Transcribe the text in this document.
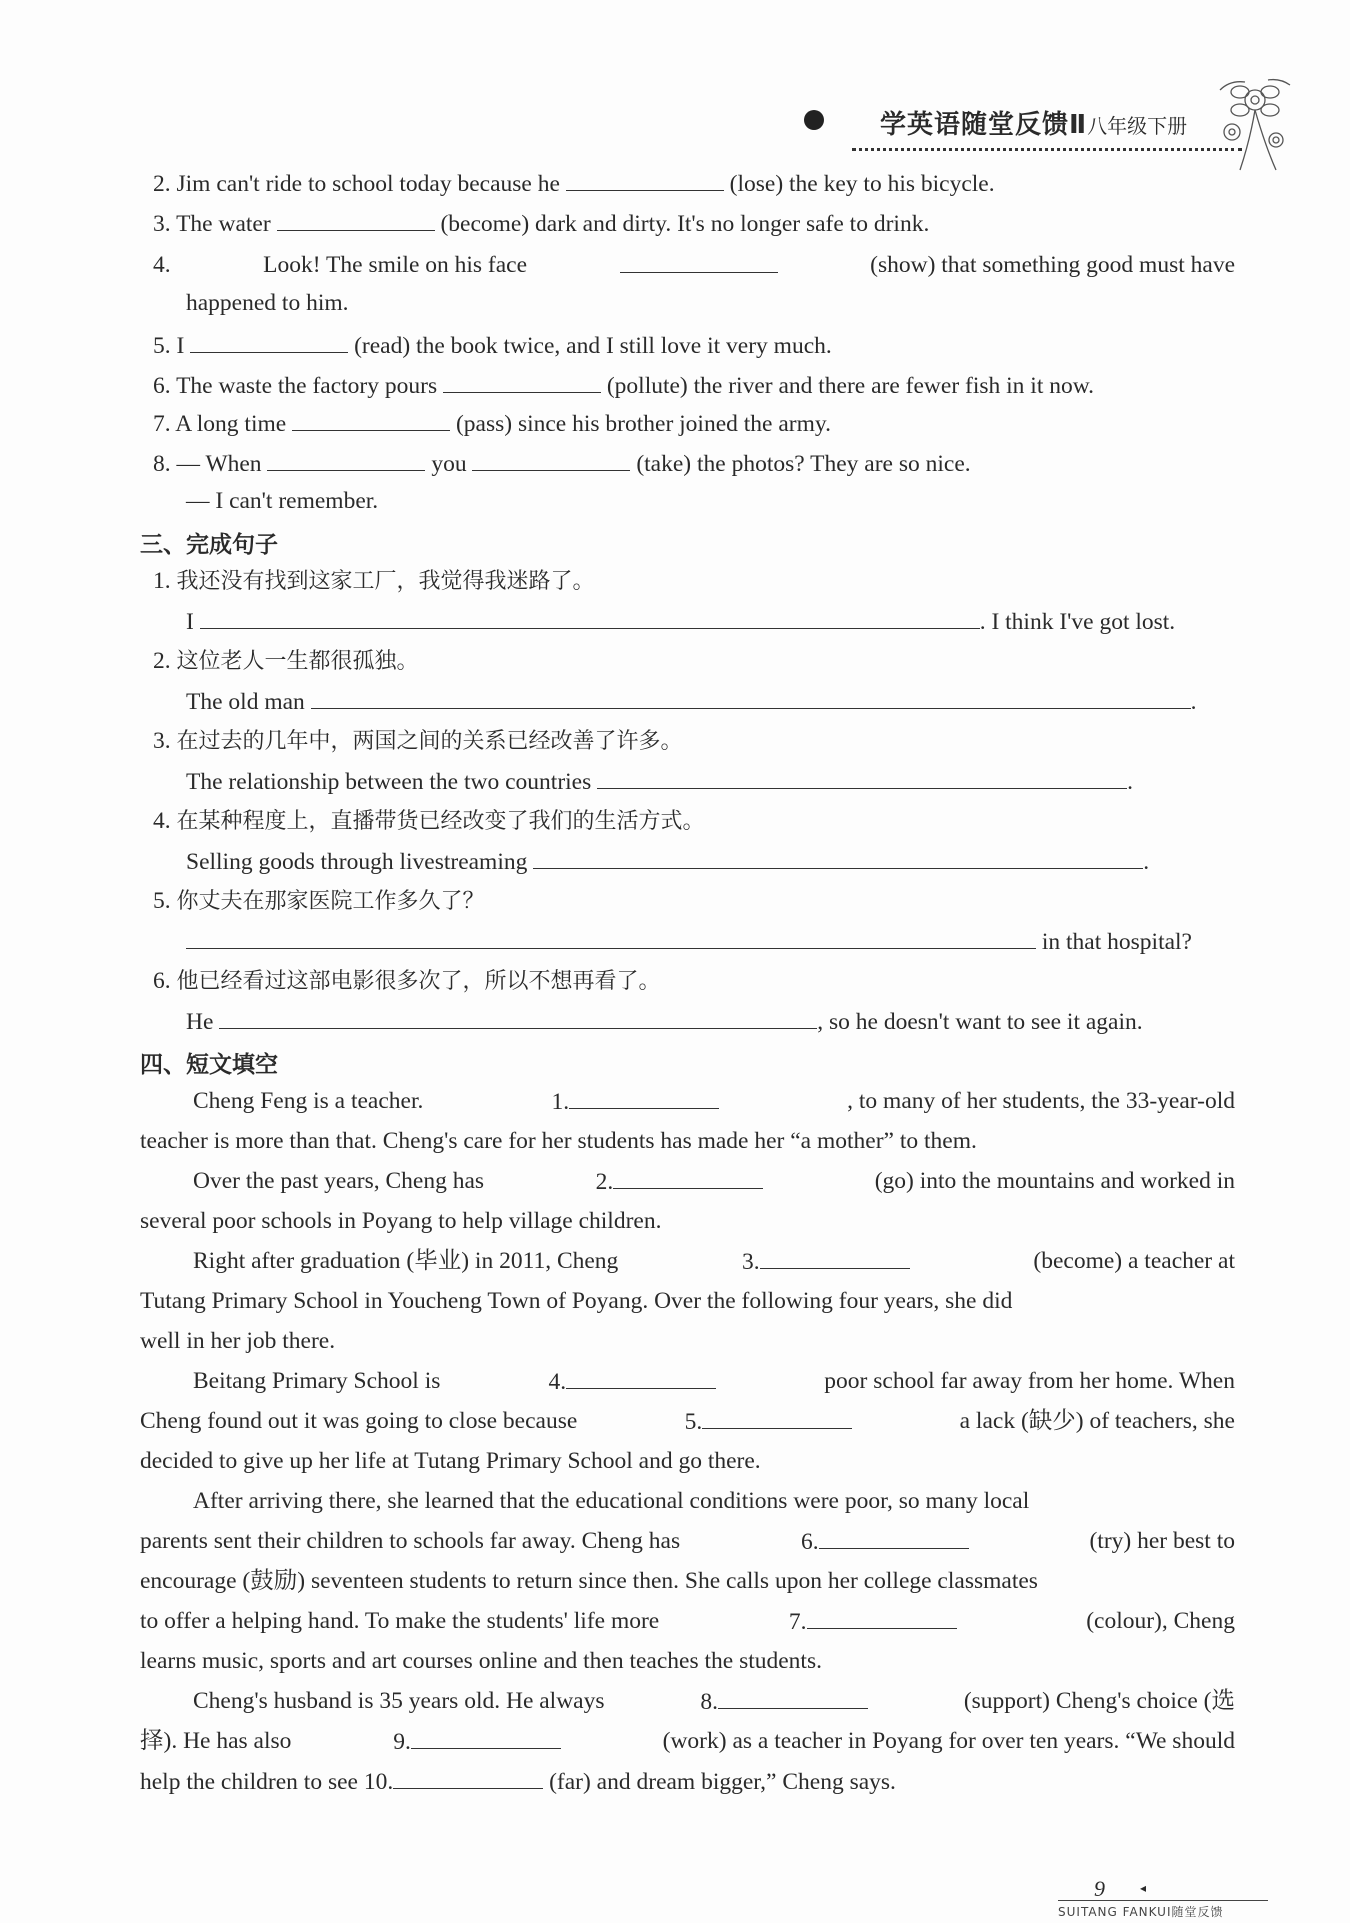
学英语随堂反馈Ⅱ八年级下册
2. Jim can't ride to school today because he	(lose) the key to his bicycle.
3. The water	(become) dark and dirty. It's no longer safe to drink.
4.	Look! The smile on his face	(show) that something good must have
happened to him.
5. I	(read) the book twice, and I still love it very much.
6. The waste the factory pours	(pollute) the river and there are fewer fish in it now.
7. A long time	(pass) since his brother joined the army.
8. — When	you	(take) the photos? They are so nice.
— I can't remember.
三、完成句子
1. 我还没有找到这家工厂，我觉得我迷路了。
I	. I think I've got lost.
2. 这位老人一生都很孤独。
The old man	.
3. 在过去的几年中，两国之间的关系已经改善了许多。
The relationship between the two countries	.
4. 在某种程度上，直播带货已经改变了我们的生活方式。
Selling goods through livestreaming	.
5. 你丈夫在那家医院工作多久了？
in that hospital?
6. 他已经看过这部电影很多次了，所以不想再看了。
He	, so he doesn't want to see it again.
四、短文填空
Cheng Feng is a teacher.	1.	, to many of her students, the 33-year-old
teacher is more than that. Cheng's care for her students has made her “a mother” to them.
Over the past years, Cheng has	2.	(go) into the mountains and worked in
several poor schools in Poyang to help village children.
Right after graduation (毕业) in 2011, Cheng	3.	(become) a teacher at
Tutang Primary School in Youcheng Town of Poyang. Over the following four years, she did
well in her job there.
Beitang Primary School is	4.	poor school far away from her home. When
Cheng found out it was going to close because	5.	a lack (缺少) of teachers, she
decided to give up her life at Tutang Primary School and go there.
After arriving there, she learned that the educational conditions were poor, so many local
parents sent their children to schools far away. Cheng has	6.	(try) her best to
encourage (鼓励) seventeen students to return since then. She calls upon her college classmates
to offer a helping hand. To make the students' life more	7.	(colour), Cheng
learns music, sports and art courses online and then teaches the students.
Cheng's husband is 35 years old. He always	8.	(support) Cheng's choice (选
择). He has also	9.	(work) as a teacher in Poyang for over ten years. “We should
help the children to see 10.	(far) and dream bigger,” Cheng says.
9	◂
SUITANG FANKUI随堂反馈
